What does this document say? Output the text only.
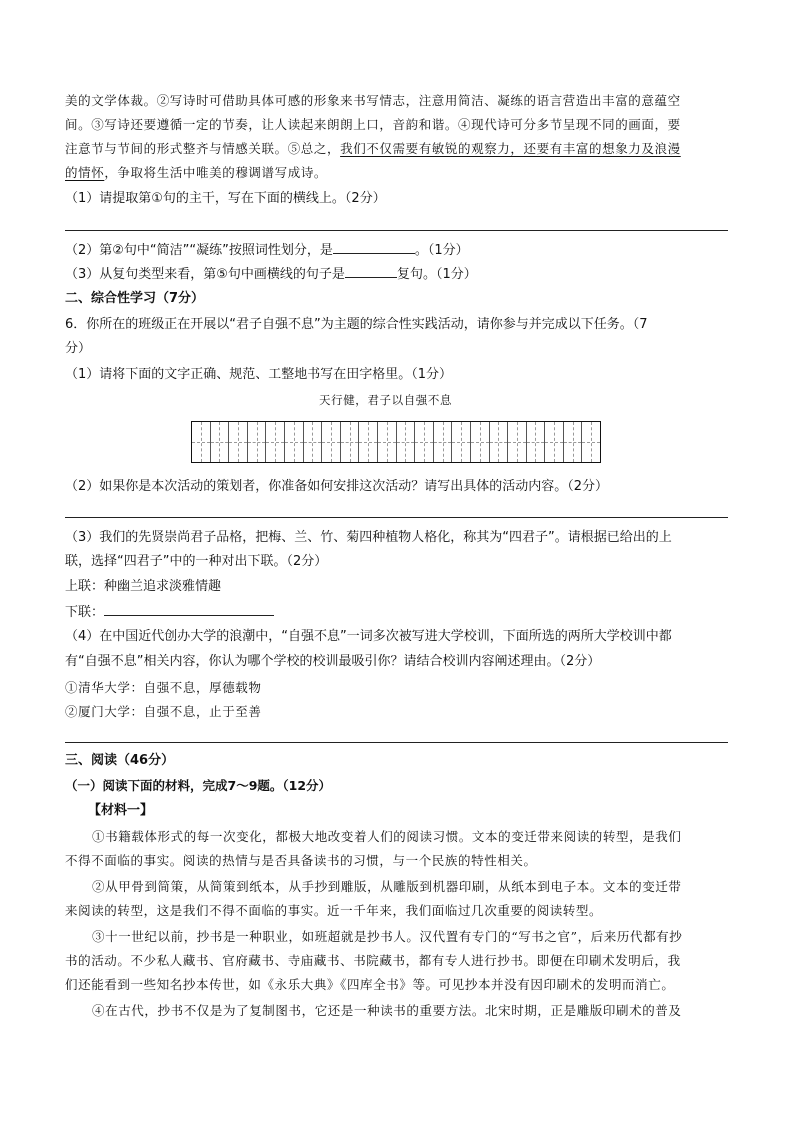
美的文学体裁。②写诗时可借助具体可感的形象来书写情志，注意用简洁、凝练的语言营造出丰富的意蕴空
间。③写诗还要遵循一定的节奏，让人读起来朗朗上口，音韵和谐。④现代诗可分多节呈现不同的画面，要
注意节与节间的形式整齐与情感关联。⑤总之，我们不仅需要有敏锐的观察力，还要有丰富的想象力及浪漫
的情怀，争取将生活中唯美的穆调谱写成诗。
（1）请提取第①句的主干，写在下面的横线上。（2分）
（2）第②句中“简洁”“凝练”按照词性划分，是	。（1分）
（3）从复句类型来看，第⑤句中画横线的句子是	复句。（1分）
二、综合性学习（7分）
6．你所在的班级正在开展以“君子自强不息”为主题的综合性实践活动，请你参与并完成以下任务。（7
分）
（1）请将下面的文字正确、规范、工整地书写在田字格里。（1分）
天行健，君子以自强不息
（2）如果你是本次活动的策划者，你准备如何安排这次活动？请写出具体的活动内容。（2分）
（3）我们的先贤崇尚君子品格，把梅、兰、竹、菊四种植物人格化，称其为“四君子”。请根据已给出的上
联，选择“四君子”中的一种对出下联。（2分）
上联：种幽兰追求淡雅情趣
下联：
（4）在中国近代创办大学的浪潮中，“自强不息”一词多次被写进大学校训，下面所选的两所大学校训中都
有“自强不息”相关内容，你认为哪个学校的校训最吸引你？请结合校训内容阐述理由。（2分）
①清华大学：自强不息，厚德载物
②厦门大学：自强不息，止于至善
三、阅读（46分）
（一）阅读下面的材料，完成7～9题。（12分）
【材料一】
①书籍载体形式的每一次变化，都极大地改变着人们的阅读习惯。文本的变迁带来阅读的转型，是我们
不得不面临的事实。阅读的热情与是否具备读书的习惯，与一个民族的特性相关。
②从甲骨到简策，从简策到纸本，从手抄到雕版，从雕版到机器印刷，从纸本到电子本。文本的变迁带
来阅读的转型，这是我们不得不面临的事实。近一千年来，我们面临过几次重要的阅读转型。
③十一世纪以前，抄书是一种职业，如班超就是抄书人。汉代置有专门的“写书之官”，后来历代都有抄
书的活动。不少私人藏书、官府藏书、寺庙藏书、书院藏书，都有专人进行抄书。即便在印刷术发明后，我
们还能看到一些知名抄本传世，如《永乐大典》《四库全书》等。可见抄本并没有因印刷术的发明而消亡。
④在古代，抄书不仅是为了复制图书，它还是一种读书的重要方法。北宋时期，正是雕版印刷术的普及
